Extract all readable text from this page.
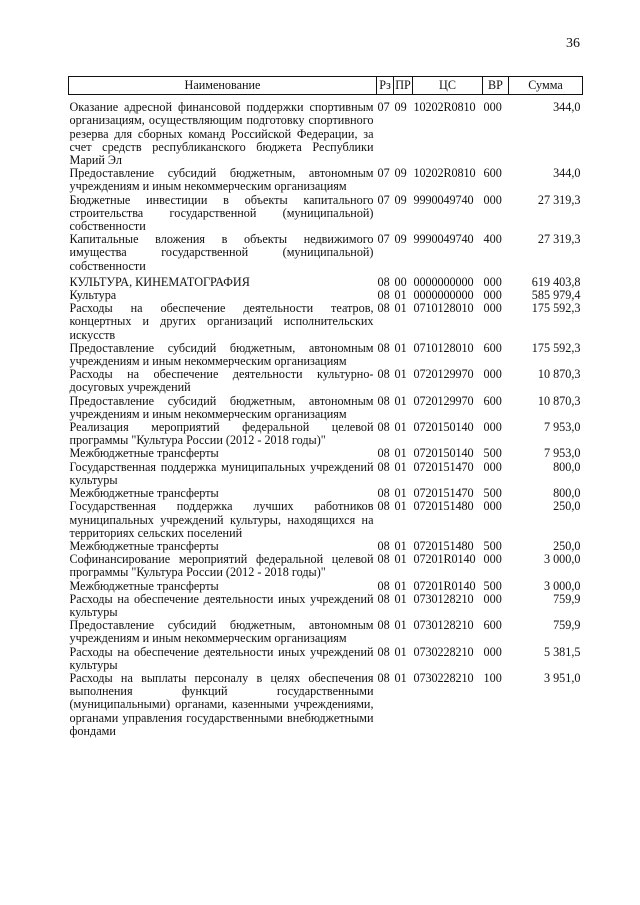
36
Наименование	Рз	ПР	ЦС	ВР	Сумма
Оказание адресной финансовой поддержки спортивным организациям, осуществляющим подготовку спортивного резерва для сборных команд Российской Федерации, за счет средств республиканского бюджета Республики Марий Эл	07	09	10202R0810	000	344,0
Предоставление субсидий бюджетным, автономным учреждениям и иным некоммерческим организациям	07	09	10202R0810	600	344,0
Бюджетные инвестиции в объекты капитального строительства государственной (муниципальной) собственности	07	09	9990049740	000	27 319,3
Капитальные вложения в объекты недвижимого имущества государственной (муниципальной) собственности	07	09	9990049740	400	27 319,3
КУЛЬТУРА, КИНЕМАТОГРАФИЯ	08	00	0000000000	000	619 403,8
Культура	08	01	0000000000	000	585 979,4
Расходы на обеспечение деятельности театров, концертных и других организаций исполнительских искусств	08	01	0710128010	000	175 592,3
Предоставление субсидий бюджетным, автономным учреждениям и иным некоммерческим организациям	08	01	0710128010	600	175 592,3
Расходы на обеспечение деятельности культурно-досуговых учреждений	08	01	0720129970	000	10 870,3
Предоставление субсидий бюджетным, автономным учреждениям и иным некоммерческим организациям	08	01	0720129970	600	10 870,3
Реализация мероприятий федеральной целевой программы "Культура России (2012 - 2018 годы)"	08	01	0720150140	000	7 953,0
Межбюджетные трансферты	08	01	0720150140	500	7 953,0
Государственная поддержка муниципальных учреждений культуры	08	01	0720151470	000	800,0
Межбюджетные трансферты	08	01	0720151470	500	800,0
Государственная поддержка лучших работников муниципальных учреждений культуры, находящихся на территориях сельских поселений	08	01	0720151480	000	250,0
Межбюджетные трансферты	08	01	0720151480	500	250,0
Софинансирование мероприятий федеральной целевой программы "Культура России (2012 - 2018 годы)"	08	01	07201R0140	000	3 000,0
Межбюджетные трансферты	08	01	07201R0140	500	3 000,0
Расходы на обеспечение деятельности иных учреждений культуры	08	01	0730128210	000	759,9
Предоставление субсидий бюджетным, автономным учреждениям и иным некоммерческим организациям	08	01	0730128210	600	759,9
Расходы на обеспечение деятельности иных учреждений культуры	08	01	0730228210	000	5 381,5
Расходы на выплаты персоналу в целях обеспечения выполнения функций государственными (муниципальными) органами, казенными учреждениями, органами управления государственными внебюджетными фондами	08	01	0730228210	100	3 951,0
